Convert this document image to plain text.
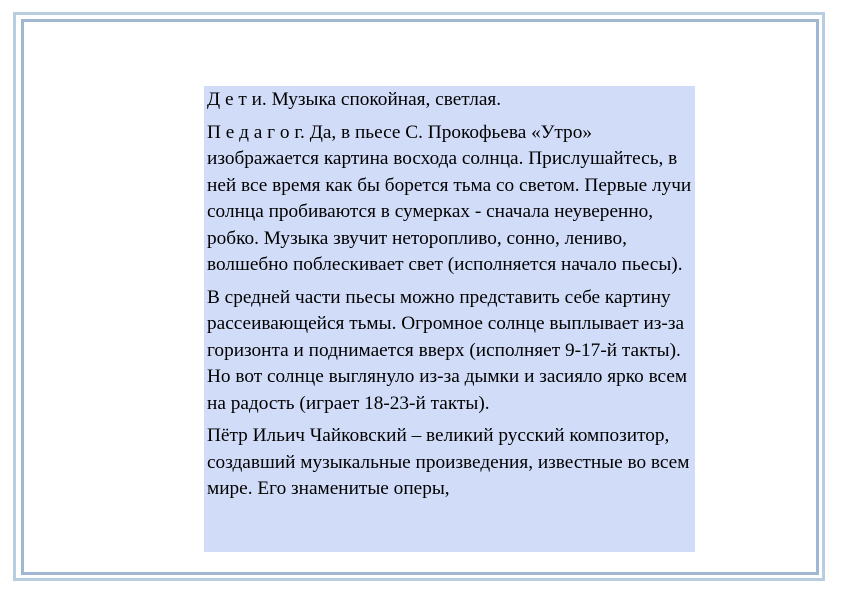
Д е т и. Музыка спокойная, светлая.

П е д а г о г. Да, в пьесе С. Прокофьева «Утро» изображается картина восхода солнца. Прислушайтесь, в ней все время как бы борется тьма со светом. Первые лучи солнца пробиваются в сумерках - сначала неуверенно, робко. Музыка звучит неторопливо, сонно, лениво, волшебно поблескивает свет (исполняется начало пьесы).

В средней части пьесы можно представить себе картину рассеивающейся тьмы. Огромное солнце выплывает из-за горизонта и поднимается вверх (исполняет 9-17-й такты). Но вот солнце выглянуло из-за дымки и засияло ярко всем на радость (играет 18-23-й такты).

Пётр Ильич Чайковский – великий русский композитор, создавший музыкальные произведения, известные во всем мире. Его знаменитые оперы,
